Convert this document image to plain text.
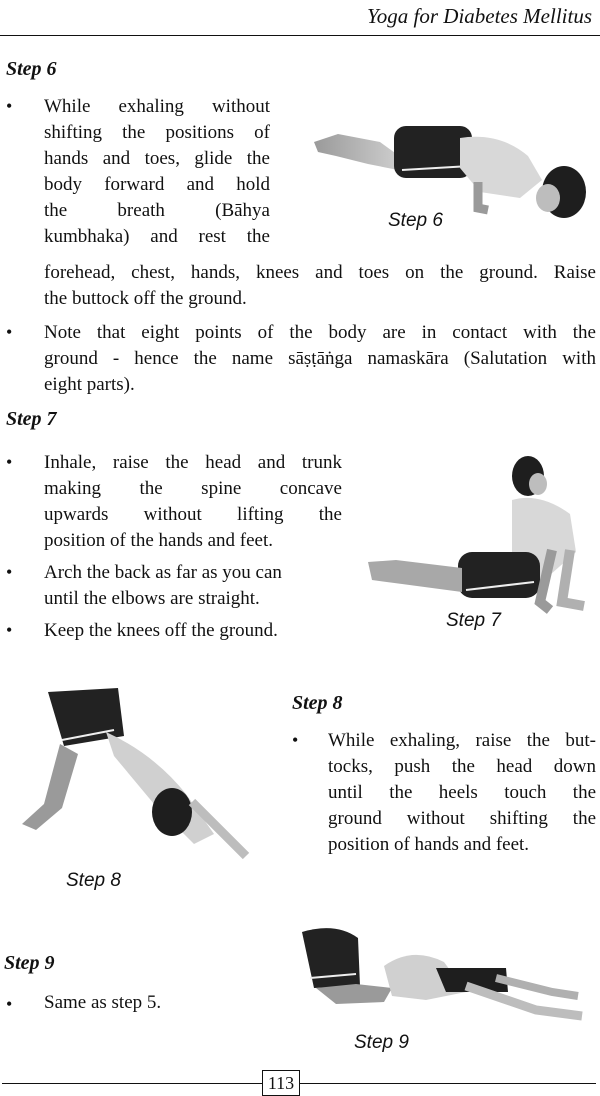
Yoga for Diabetes Mellitus
Step 6
• While exhaling without
shifting the positions of
hands and toes, glide the
body forward and hold
the breath (Bāhya
kumbhaka) and rest the
forehead, chest, hands, knees and toes on the ground. Raise
the buttock off the ground.
• Note that eight points of the body are in contact with the
ground - hence the name sāṣṭāṅga namaskāra (Salutation with
eight parts).
Step 6
Step 7
• Inhale, raise the head and trunk
making the spine concave
upwards without lifting the
position of the hands and feet.
• Arch the back as far as you can
until the elbows are straight.
• Keep the knees off the ground.	Step 7
Step 8
Step 8
• While exhaling, raise the but-
tocks, push the head down
until the heels touch the
ground without shifting the
position of hands and feet.
Step 9
• Same as step 5.
Step 9
113
